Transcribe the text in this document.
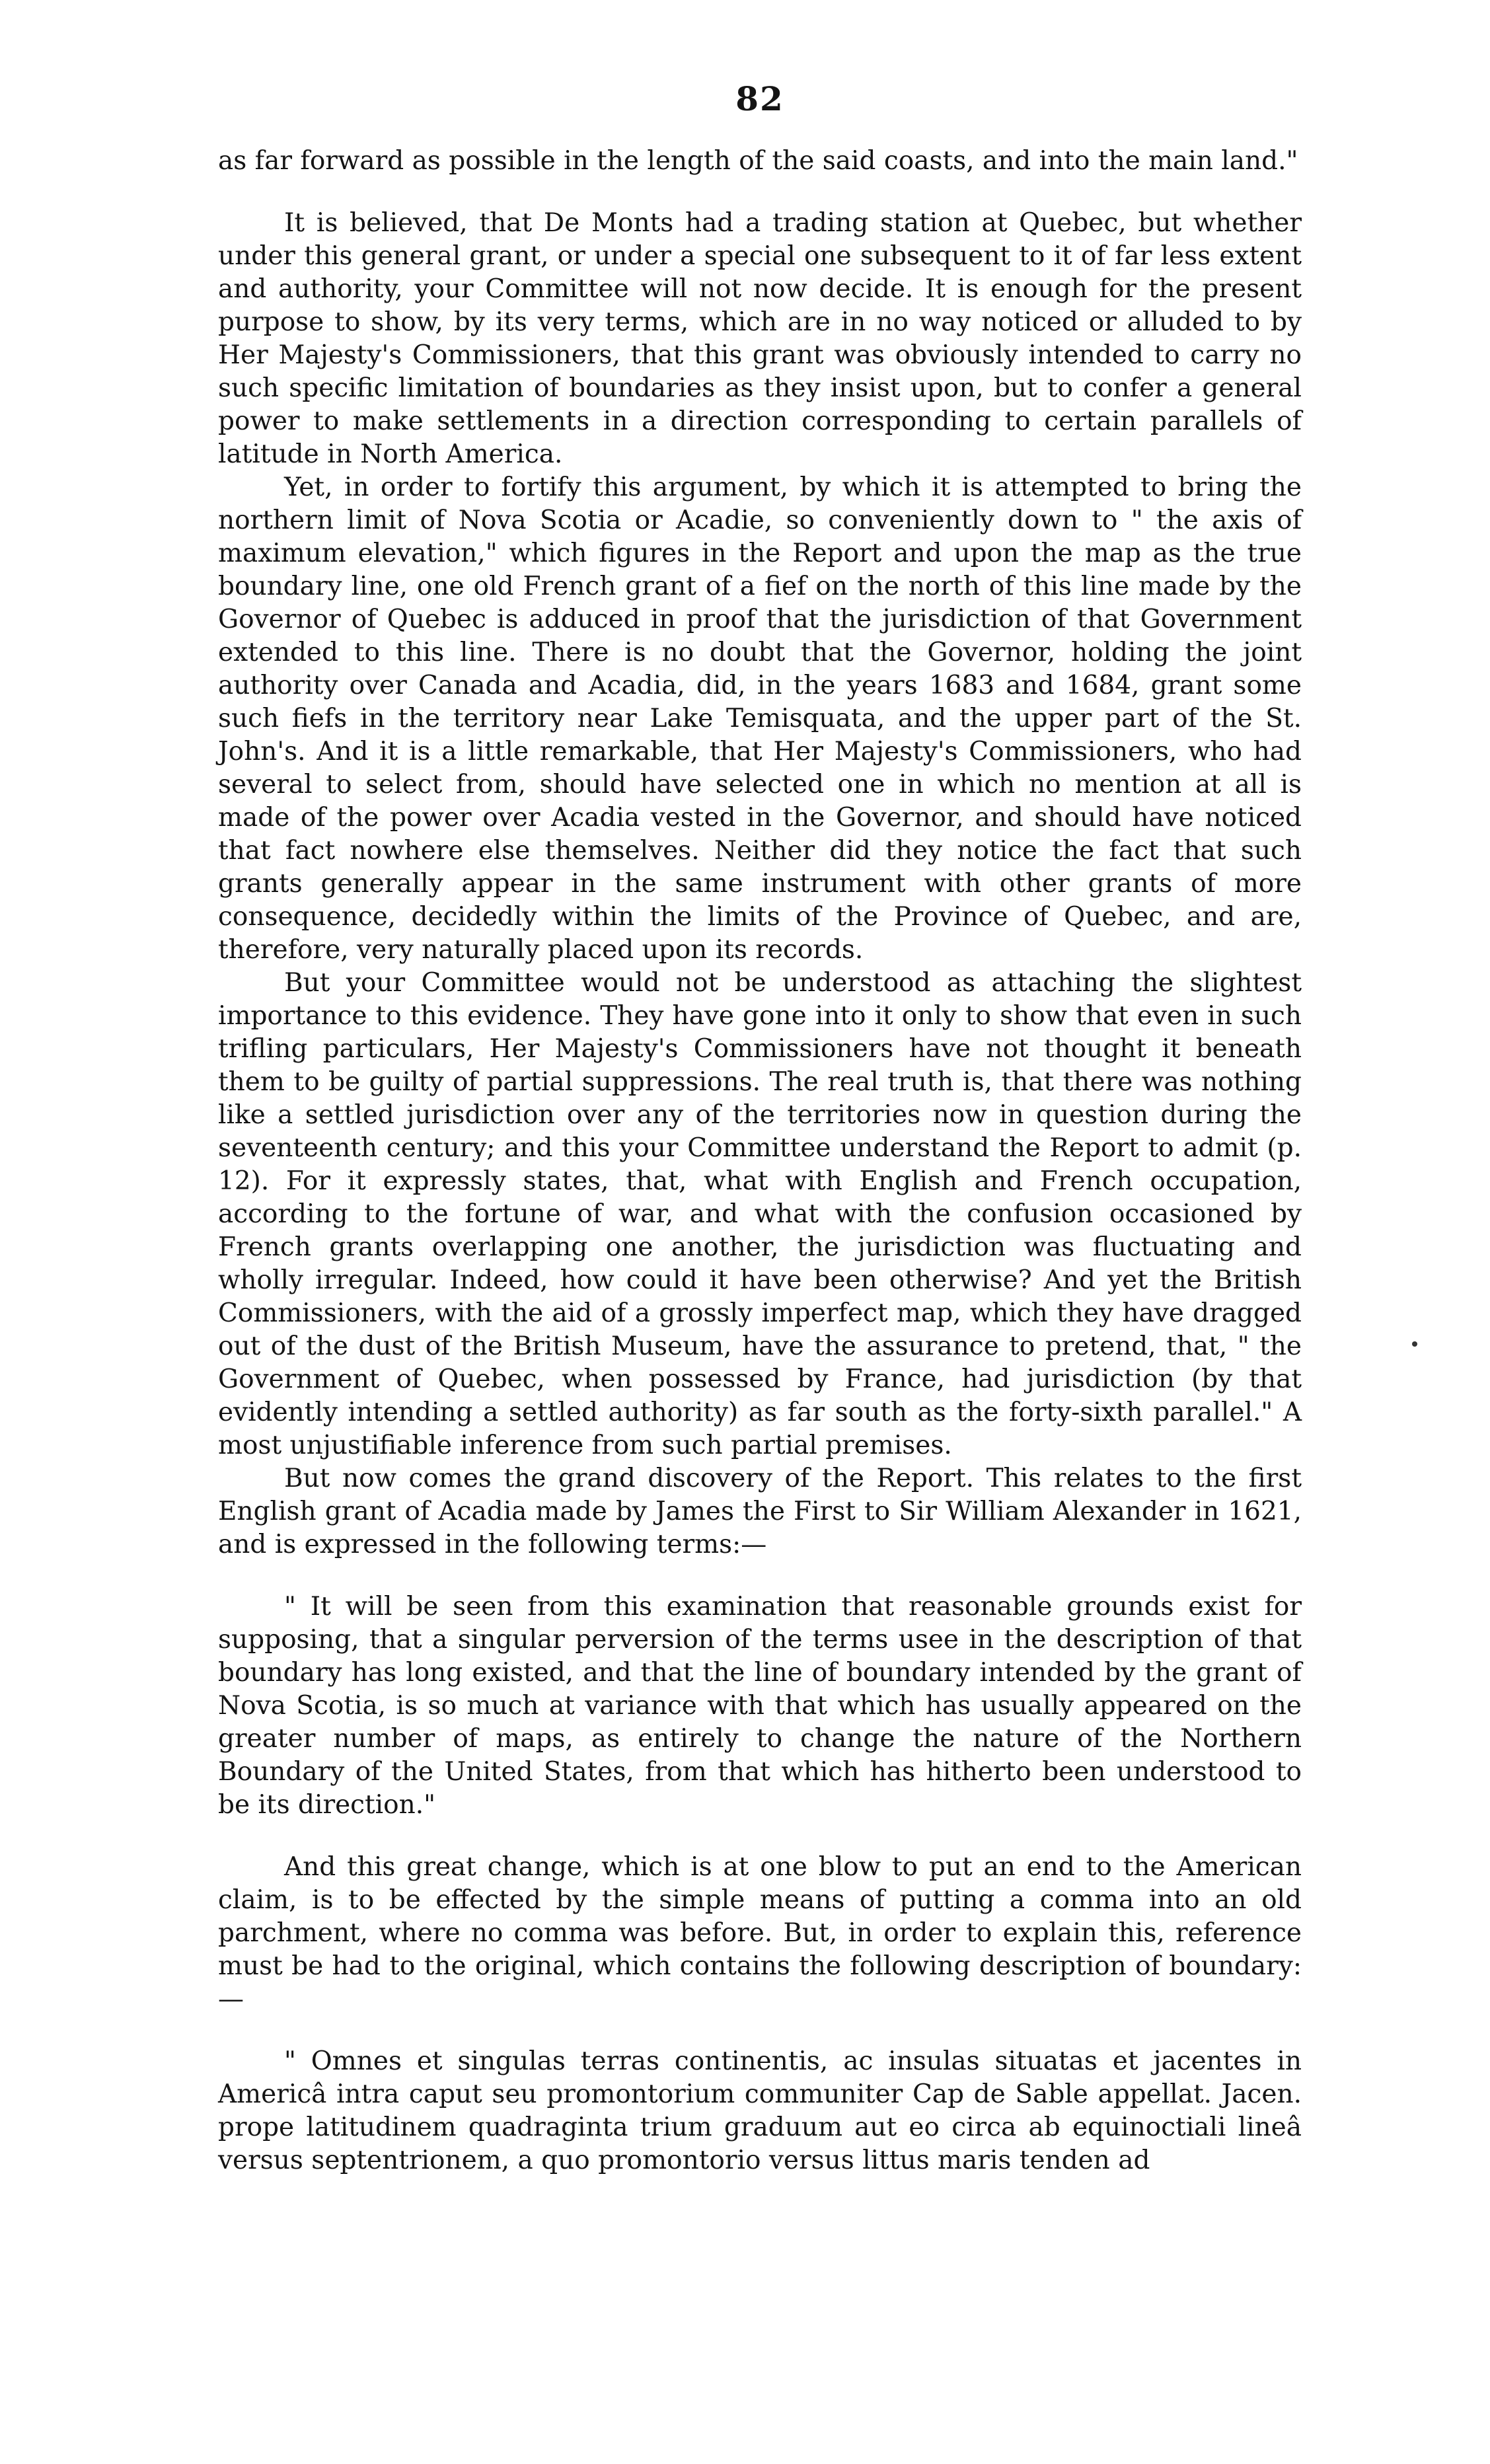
82

as far forward as possible in the length of the said coasts, and into the main land."

It is believed, that De Monts had a trading station at Quebec, but whether under this general grant, or under a special one subsequent to it of far less extent and authority, your Committee will not now decide. It is enough for the present purpose to show, by its very terms, which are in no way noticed or alluded to by Her Majesty's Commissioners, that this grant was obviously intended to carry no such specific limitation of boundaries as they insist upon, but to confer a general power to make settlements in a direction corresponding to certain parallels of latitude in North America.

Yet, in order to fortify this argument, by which it is attempted to bring the northern limit of Nova Scotia or Acadie, so conveniently down to " the axis of maximum elevation," which figures in the Report and upon the map as the true boundary line, one old French grant of a fief on the north of this line made by the Governor of Quebec is adduced in proof that the jurisdiction of that Government extended to this line. There is no doubt that the Governor, holding the joint authority over Canada and Acadia, did, in the years 1683 and 1684, grant some such fiefs in the territory near Lake Temisquata, and the upper part of the St. John's. And it is a little remarkable, that Her Majesty's Commissioners, who had several to select from, should have selected one in which no mention at all is made of the power over Acadia vested in the Governor, and should have noticed that fact nowhere else themselves. Neither did they notice the fact that such grants generally appear in the same instrument with other grants of more consequence, decidedly within the limits of the Province of Quebec, and are, therefore, very naturally placed upon its records.

But your Committee would not be understood as attaching the slightest importance to this evidence. They have gone into it only to show that even in such trifling particulars, Her Majesty's Commissioners have not thought it beneath them to be guilty of partial suppressions. The real truth is, that there was nothing like a settled jurisdiction over any of the territories now in question during the seventeenth century; and this your Committee understand the Report to admit (p. 12). For it expressly states, that, what with English and French occupation, according to the fortune of war, and what with the confusion occasioned by French grants overlapping one another, the jurisdiction was fluctuating and wholly irregular. Indeed, how could it have been otherwise? And yet the British Commissioners, with the aid of a grossly imperfect map, which they have dragged out of the dust of the British Museum, have the assurance to pretend, that, " the Government of Quebec, when possessed by France, had jurisdiction (by that evidently intending a settled authority) as far south as the forty-sixth parallel." A most unjustifiable inference from such partial premises.

But now comes the grand discovery of the Report. This relates to the first English grant of Acadia made by James the First to Sir William Alexander in 1621, and is expressed in the following terms:—

" It will be seen from this examination that reasonable grounds exist for supposing, that a singular perversion of the terms usee in the description of that boundary has long existed, and that the line of boundary intended by the grant of Nova Scotia, is so much at variance with that which has usually appeared on the greater number of maps, as entirely to change the nature of the Northern Boundary of the United States, from that which has hitherto been understood to be its direction."

And this great change, which is at one blow to put an end to the American claim, is to be effected by the simple means of putting a comma into an old parchment, where no comma was before. But, in order to explain this, reference must be had to the original, which contains the following description of boundary:—

" Omnes et singulas terras continentis, ac insulas situatas et jacentes in Americâ intra caput seu promontorium communiter Cap de Sable appellat. Jacen. prope latitudinem quadraginta trium graduum aut eo circa ab equinoctiali lineâ versus septentrionem, a quo promontorio versus littus maris tenden ad
